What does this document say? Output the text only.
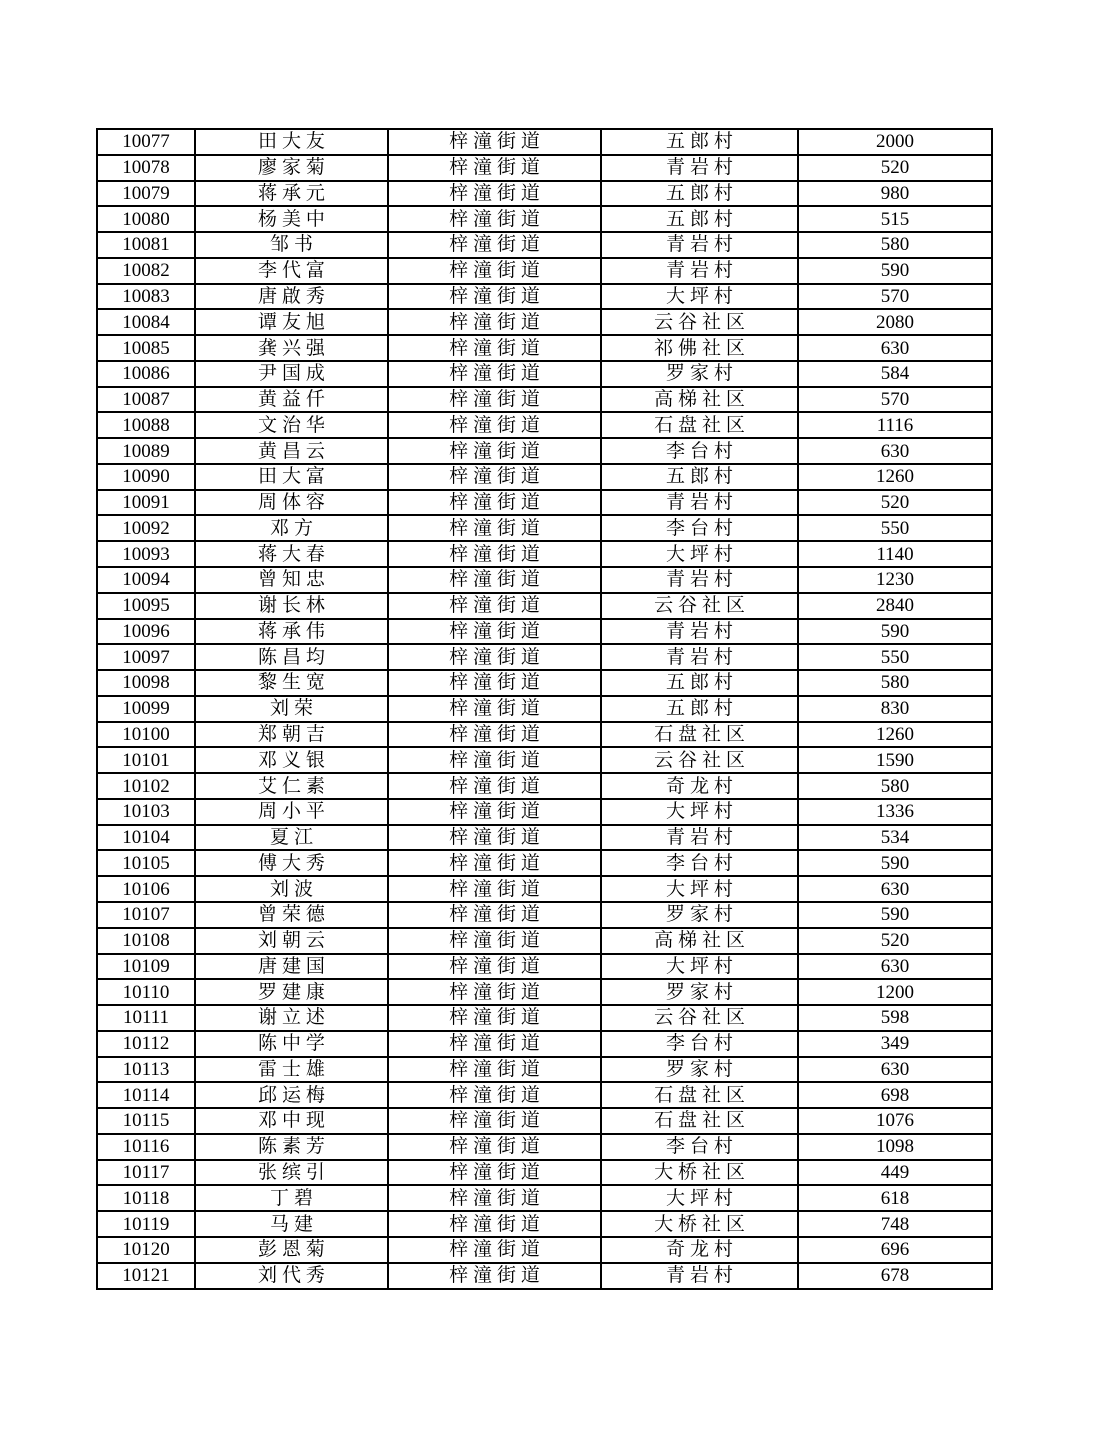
10077	田大友	梓潼街道	五郎村	2000
10078	廖家菊	梓潼街道	青岩村	520
10079	蒋承元	梓潼街道	五郎村	980
10080	杨美中	梓潼街道	五郎村	515
10081	邹书	梓潼街道	青岩村	580
10082	李代富	梓潼街道	青岩村	590
10083	唐啟秀	梓潼街道	大坪村	570
10084	谭友旭	梓潼街道	云谷社区	2080
10085	龚兴强	梓潼街道	祁佛社区	630
10086	尹国成	梓潼街道	罗家村	584
10087	黄益仟	梓潼街道	高梯社区	570
10088	文治华	梓潼街道	石盘社区	1116
10089	黄昌云	梓潼街道	李台村	630
10090	田大富	梓潼街道	五郎村	1260
10091	周体容	梓潼街道	青岩村	520
10092	邓方	梓潼街道	李台村	550
10093	蒋大春	梓潼街道	大坪村	1140
10094	曾知忠	梓潼街道	青岩村	1230
10095	谢长林	梓潼街道	云谷社区	2840
10096	蒋承伟	梓潼街道	青岩村	590
10097	陈昌均	梓潼街道	青岩村	550
10098	黎生宽	梓潼街道	五郎村	580
10099	刘荣	梓潼街道	五郎村	830
10100	郑朝吉	梓潼街道	石盘社区	1260
10101	邓义银	梓潼街道	云谷社区	1590
10102	艾仁素	梓潼街道	奇龙村	580
10103	周小平	梓潼街道	大坪村	1336
10104	夏江	梓潼街道	青岩村	534
10105	傅大秀	梓潼街道	李台村	590
10106	刘波	梓潼街道	大坪村	630
10107	曾荣德	梓潼街道	罗家村	590
10108	刘朝云	梓潼街道	高梯社区	520
10109	唐建国	梓潼街道	大坪村	630
10110	罗建康	梓潼街道	罗家村	1200
10111	谢立述	梓潼街道	云谷社区	598
10112	陈中学	梓潼街道	李台村	349
10113	雷士雄	梓潼街道	罗家村	630
10114	邱运梅	梓潼街道	石盘社区	698
10115	邓中现	梓潼街道	石盘社区	1076
10116	陈素芳	梓潼街道	李台村	1098
10117	张缤引	梓潼街道	大桥社区	449
10118	丁碧	梓潼街道	大坪村	618
10119	马建	梓潼街道	大桥社区	748
10120	彭恩菊	梓潼街道	奇龙村	696
10121	刘代秀	梓潼街道	青岩村	678
